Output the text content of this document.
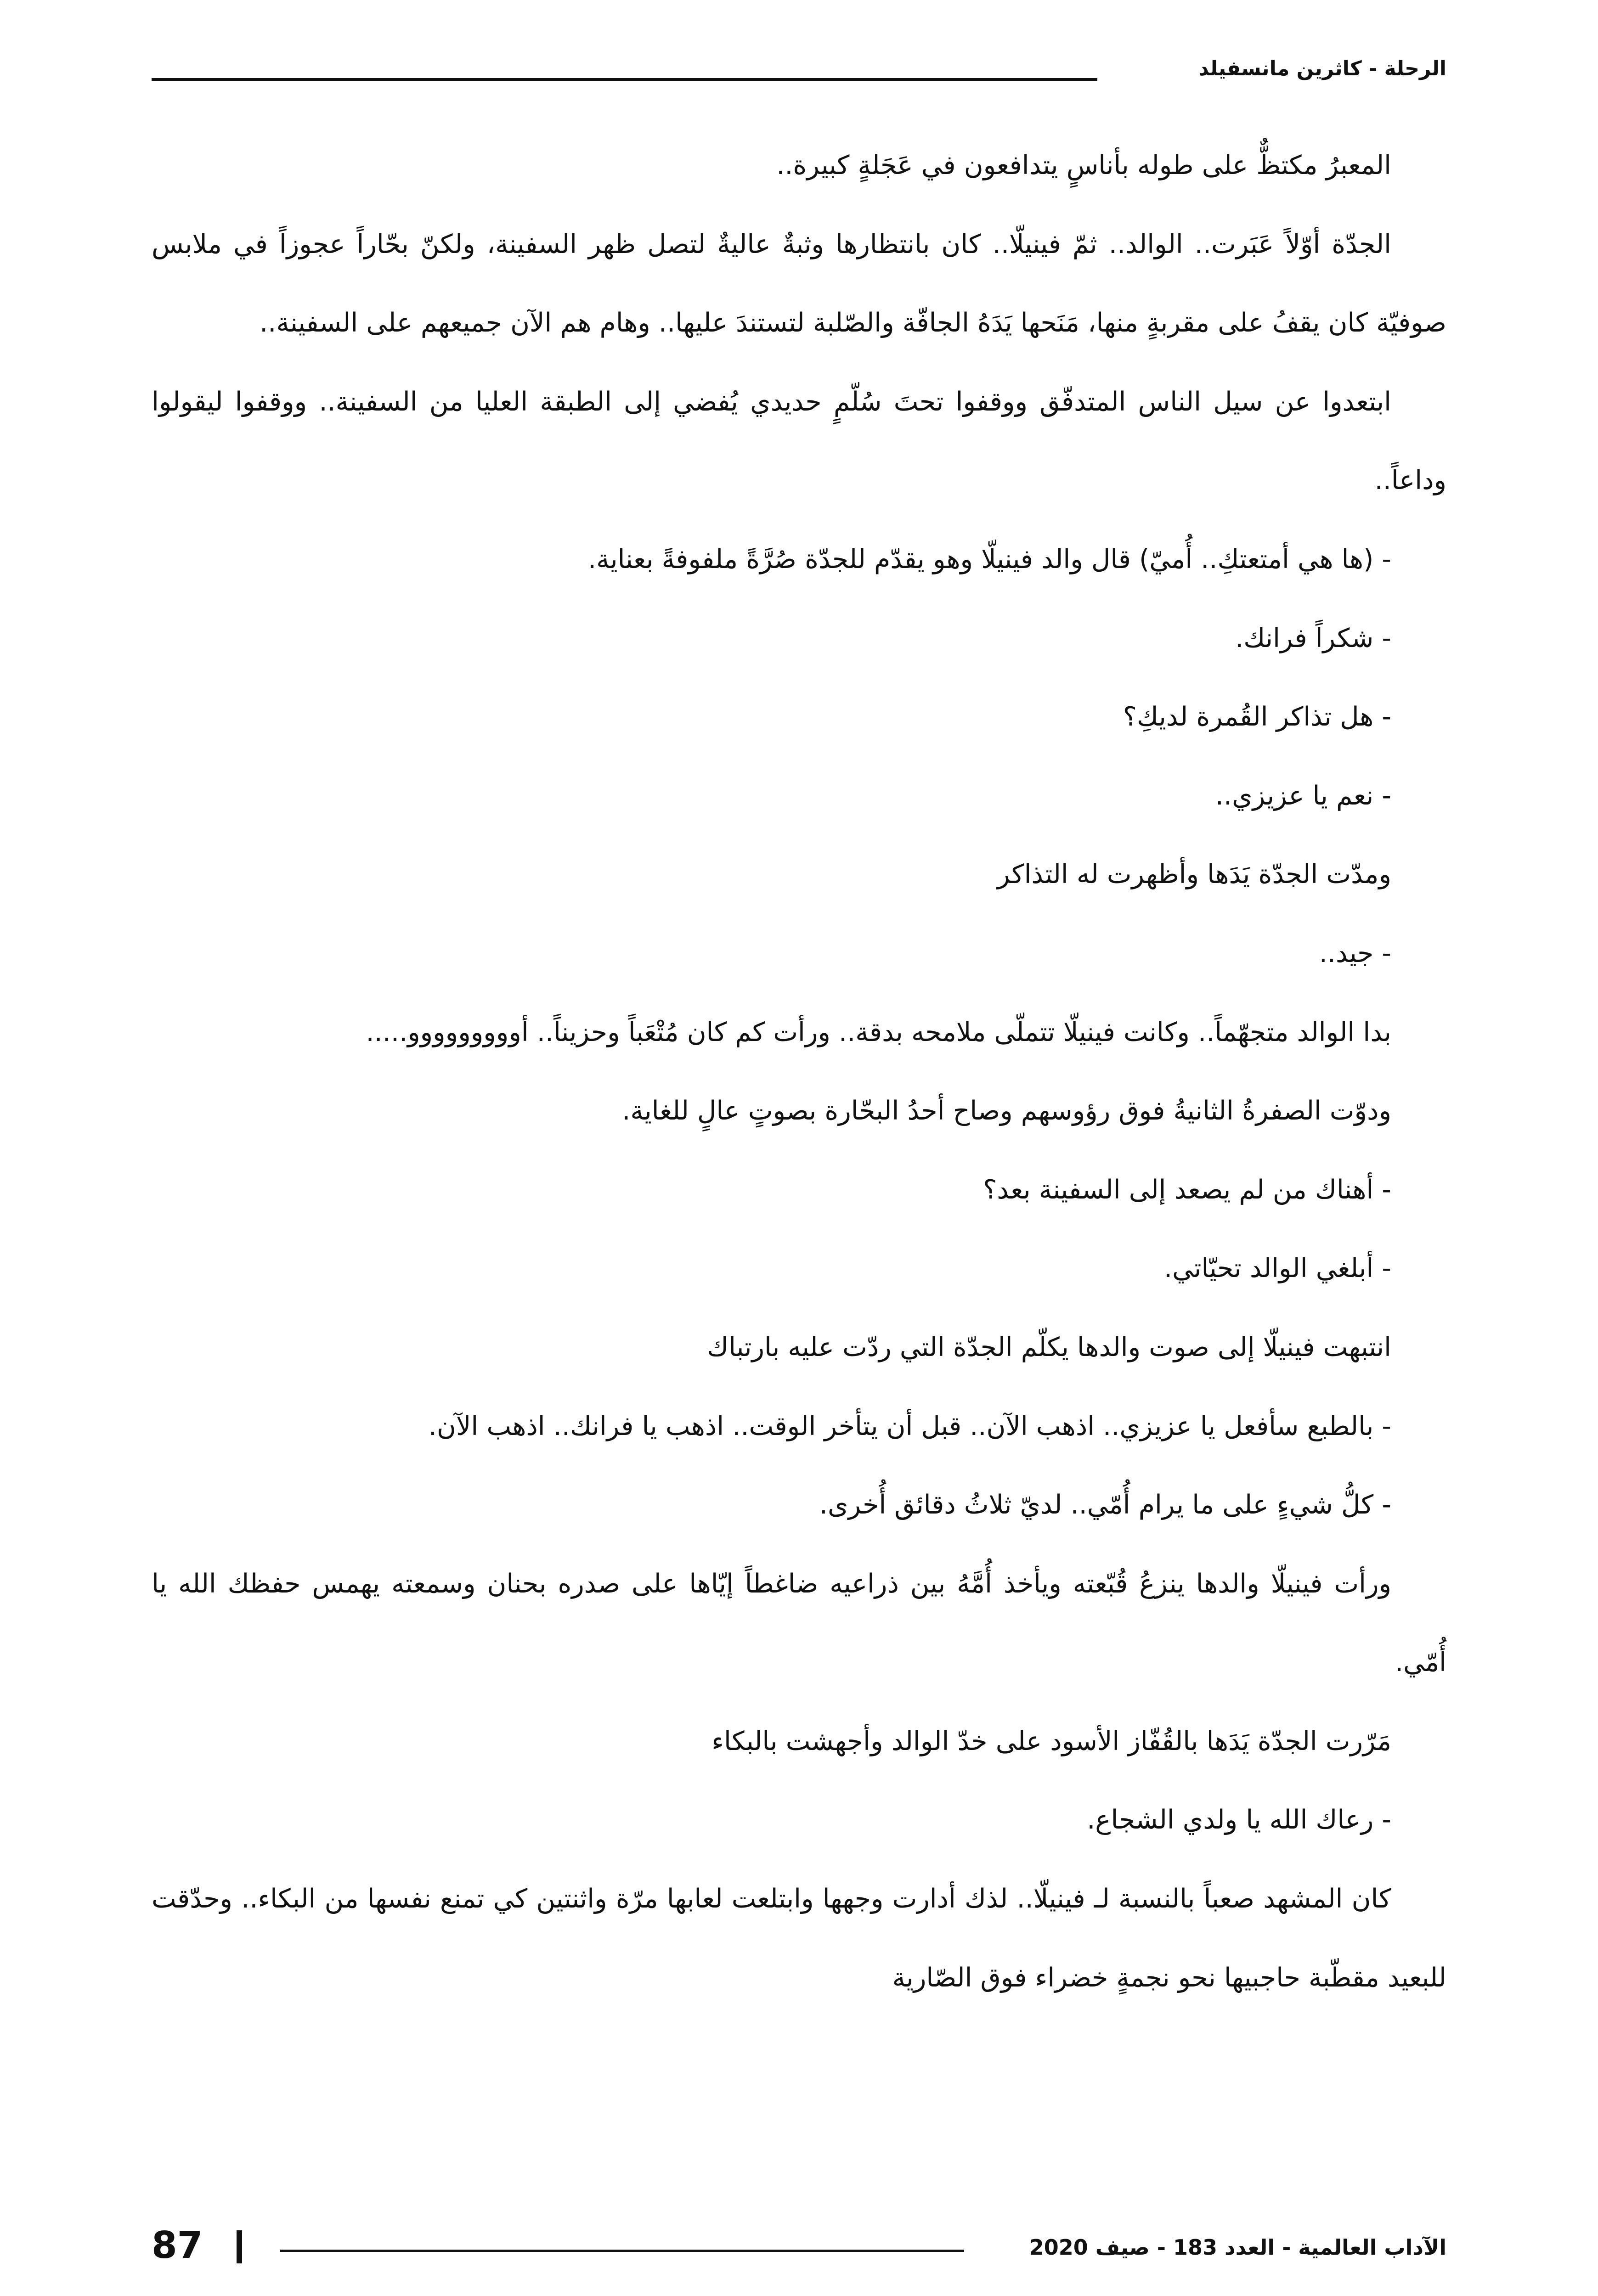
الرحلة - كاثرين مانسفيلد

المعبرُ مكتظٌّ على طوله بأناسٍ يتدافعون في عَجَلةٍ كبيرة..

الجدّة أوّلاً عَبَرت.. الوالد.. ثمّ فينيلّا.. كان بانتظارها وثبةٌ عاليةٌ لتصل ظهر السفينة، ولكنّ بحّاراً عجوزاً في ملابس صوفيّة كان يقفُ على مقربةٍ منها، مَنَحها يَدَهُ الجافّة والصّلبة لتستندَ عليها.. وهام هم الآن جميعهم على السفينة..

ابتعدوا عن سيل الناس المتدفّق ووقفوا تحتَ سُلّمٍ حديدي يُفضي إلى الطبقة العليا من السفينة.. ووقفوا ليقولوا وداعاً..

- (ها هي أمتعتكِ.. أُميّ) قال والد فينيلّا وهو يقدّم للجدّة صُرَّةً ملفوفةً بعناية.

- شكراً فرانك.

- هل تذاكر القُمرة لديكِ؟

- نعم يا عزيزي..

ومدّت الجدّة يَدَها وأظهرت له التذاكر

- جيد..

بدا الوالد متجهّماً.. وكانت فينيلّا تتملّى ملامحه بدقة.. ورأت كم كان مُتْعَباً وحزيناً.. أووووووووو.....

ودوّت الصفرةُ الثانيةُ فوق رؤوسهم وصاح أحدُ البحّارة بصوتٍ عالٍ للغاية.

- أهناك من لم يصعد إلى السفينة بعد؟

- أبلغي الوالد تحيّاتي.

انتبهت فينيلّا إلى صوت والدها يكلّم الجدّة التي ردّت عليه بارتباك

- بالطبع سأفعل يا عزيزي.. اذهب الآن.. قبل أن يتأخر الوقت.. اذهب يا فرانك.. اذهب الآن.

- كلُّ شيءٍ على ما يرام أُمّي.. لديّ ثلاثُ دقائق أُخرى.

ورأت فينيلّا والدها ينزعُ قُبّعته ويأخذ أُمَّهُ بين ذراعيه ضاغطاً إيّاها على صدره بحنان وسمعته يهمس حفظك الله يا أُمّي.

مَرّرت الجدّة يَدَها بالقُفّاز الأسود على خدّ الوالد وأجهشت بالبكاء

- رعاك الله يا ولدي الشجاع.

كان المشهد صعباً بالنسبة لـ فينيلّا.. لذك أدارت وجهها وابتلعت لعابها مرّة واثنتين كي تمنع نفسها من البكاء.. وحدّقت للبعيد مقطّبة حاجبيها نحو نجمةٍ خضراء فوق الصّارية

87	الآداب العالمية - العدد 183 - صيف 2020
